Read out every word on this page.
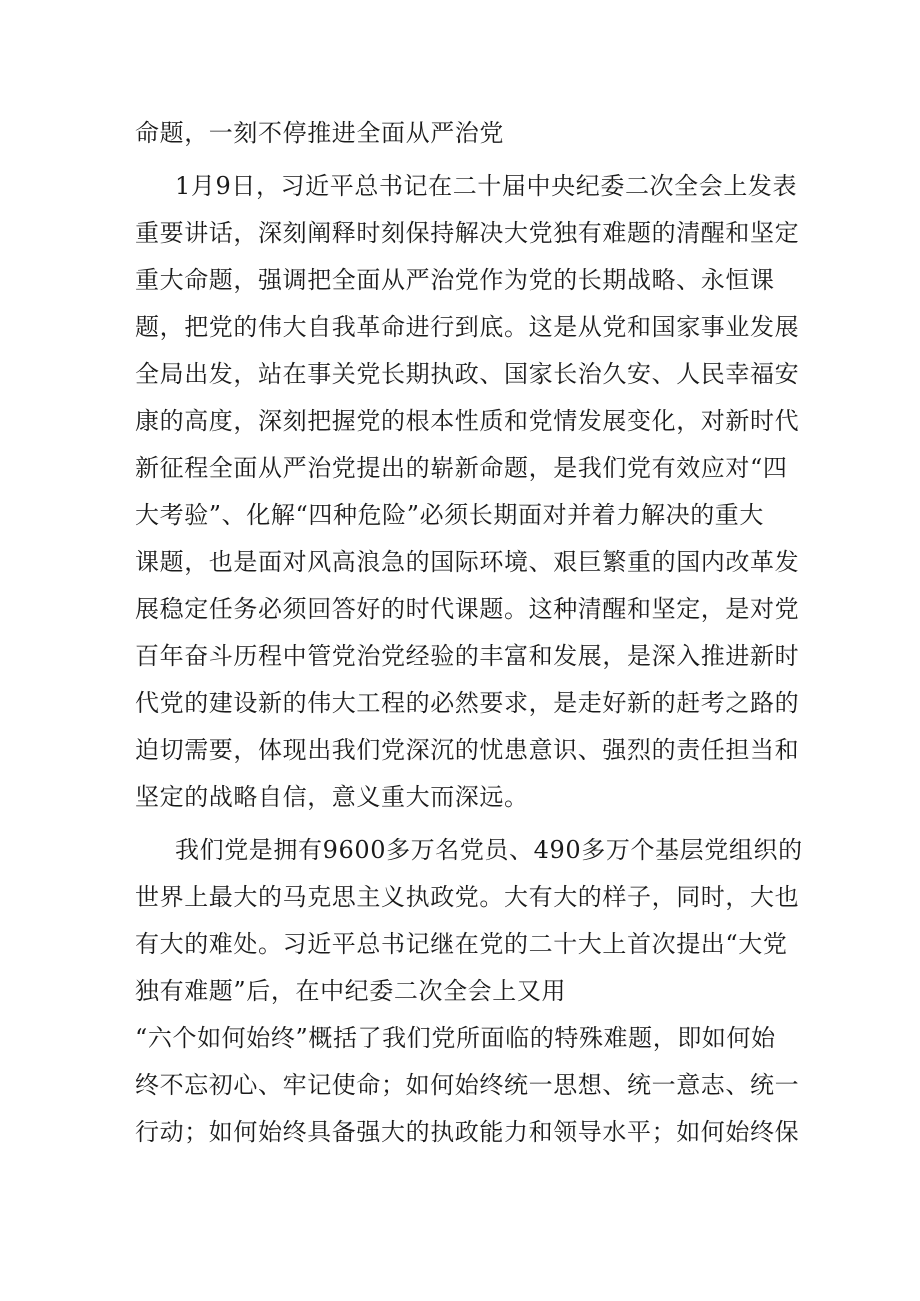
命题，一刻不停推进全面从严治党
1月9日，习近平总书记在二十届中央纪委二次全会上发表
重要讲话，深刻阐释时刻保持解决大党独有难题的清醒和坚定
重大命题，强调把全面从严治党作为党的长期战略、永恒课
题，把党的伟大自我革命进行到底。这是从党和国家事业发展
全局出发，站在事关党长期执政、国家长治久安、人民幸福安
康的高度，深刻把握党的根本性质和党情发展变化，对新时代
新征程全面从严治党提出的崭新命题，是我们党有效应对“四
大考验”、化解“四种危险”必须长期面对并着力解决的重大
课题，也是面对风高浪急的国际环境、艰巨繁重的国内改革发
展稳定任务必须回答好的时代课题。这种清醒和坚定，是对党
百年奋斗历程中管党治党经验的丰富和发展，是深入推进新时
代党的建设新的伟大工程的必然要求，是走好新的赶考之路的
迫切需要，体现出我们党深沉的忧患意识、强烈的责任担当和
坚定的战略自信，意义重大而深远。
我们党是拥有9600多万名党员、490多万个基层党组织的
世界上最大的马克思主义执政党。大有大的样子，同时，大也
有大的难处。习近平总书记继在党的二十大上首次提出“大党
独有难题”后，在中纪委二次全会上又用
“六个如何始终”概括了我们党所面临的特殊难题，即如何始
终不忘初心、牢记使命；如何始终统一思想、统一意志、统一
行动；如何始终具备强大的执政能力和领导水平；如何始终保
